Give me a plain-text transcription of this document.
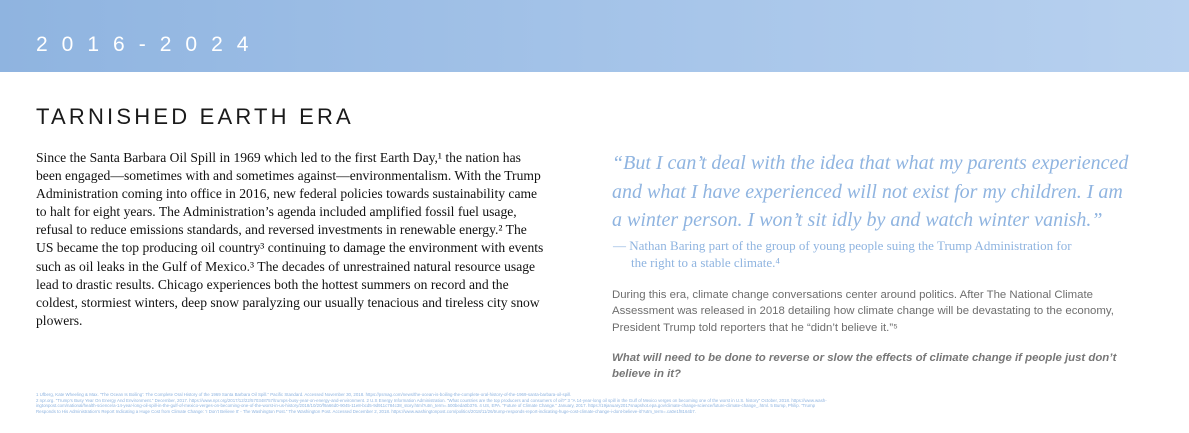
2016-2024
TARNISHED EARTH ERA

Since the Santa Barbara Oil Spill in 1969 which led to the first Earth Day,¹ the nation has been engaged—sometimes with and sometimes against—environmentalism. With the Trump Administration coming into office in 2016, new federal policies towards sustainability came to halt for eight years. The Administration’s agenda included amplified fossil fuel usage, refusal to reduce emissions standards, and reversed investments in renewable energy.² The US became the top producing oil country³ continuing to damage the environment with events such as oil leaks in the Gulf of Mexico.³ The decades of unrestrained natural resource usage lead to drastic results. Chicago experiences both the hottest summers on record and the coldest, stormiest winters, deep snow paralyzing our usually tenacious and tireless city snow plowers.

“But I can’t deal with the idea that what my parents experienced and what I have experienced will not exist for my children. I am a winter person. I won’t sit idly by and watch winter vanish.”
— Nathan Baring part of the group of young people suing the Trump Administration for
the right to a stable climate.⁴
During this era, climate change conversations center around politics. After The National Climate Assessment was released in 2018 detailing how climate change will be devastating to the economy, President Trump told reporters that he “didn’t believe it.”⁵
What will need to be done to reverse or slow the effects of climate change if people just don’t believe in it?
1 Ufberg, Kate Wheeling & Max. “The Ocean Is Boiling’: The Complete Oral History of the 1969 Santa Barbara Oil Spill.” Pacific Standard. Accessed November 30, 2018. https://psmag.com/news/the-ocean-is-boiling-the-complete-oral-history-of-the-1969-santa-barbara-oil-spill.
2 npr.org. “Trump’s Busy Year On Energy And Environment.” December, 2017. https://www.npr.org/2017/12/22/570348757/trumps-busy-year-on-energy-and-environment. 2 U.S Energy Information Administration. “What countries are the top producers and consumers of oil?” 3 “A 14-year-long oil spill in the Gulf of Mexico verges on becoming one of the worst in U.S. history” October, 2018. https://www.wash-
ingtonpost.com/national/health-science/a-14-year-long-oil-spill-in-the-gulf-of-mexico-verges-on-becoming-one-of-the-worst-in-us-history/2018/10/20/f9a66d0-9045-11e8-bcd5-9d911c784c38_story.html?utm_term=.500beda0b376. 4 US, EPA. “Future of Climate Change.” January, 2017. https://19january2017snapshot.epa.gov/climate-change-science/future-climate-change_.html. 5 Bump, Philip. “Trump
Responds to His Administration’s Report Indicating a Huge Cost from Climate Change: ‘I Don’t Believe It’ - The Washington Post.” The Washington Post. Accessed December 2, 2018. https://www.washingtonpost.com/politics/2018/11/26/trump-responds-report-indicating-huge-cost-climate-change-i-dont-believe-it/?utm_term=.ca0e1f8164b7.
